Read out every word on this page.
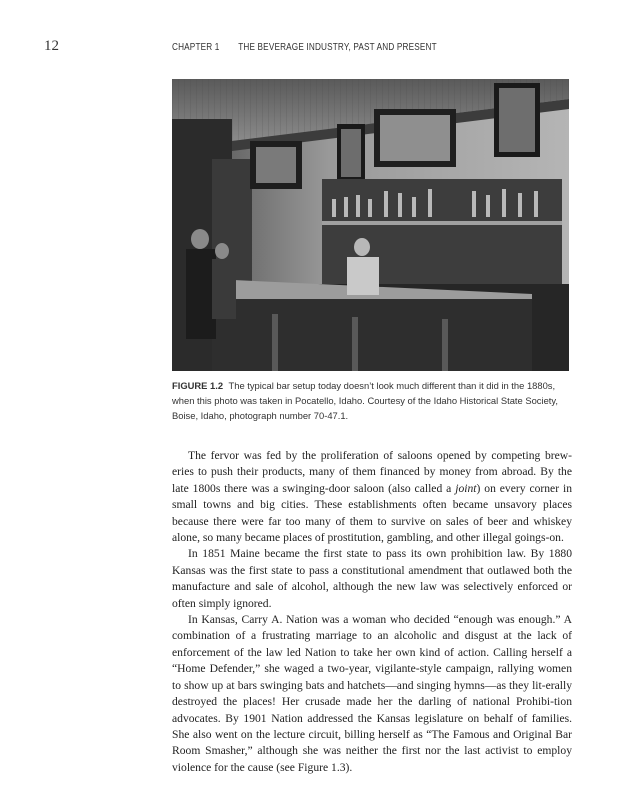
12	CHAPTER 1 THE BEVERAGE INDUSTRY, PAST AND PRESENT
FIGURE 1.2 The typical bar setup today doesn’t look much different than it did in the 1880s, when this photo was taken in Pocatello, Idaho. Courtesy of the Idaho Historical State Society, Boise, Idaho, photograph number 70-47.1.

The fervor was fed by the proliferation of saloons opened by competing brew-eries to push their products, many of them financed by money from abroad. By the late 1800s there was a swinging-door saloon (also called a joint) on every corner in small towns and big cities. These establishments often became unsavory places because there were far too many of them to survive on sales of beer and whiskey alone, so many became places of prostitution, gambling, and other illegal goings-on.

In 1851 Maine became the first state to pass its own prohibition law. By 1880 Kansas was the first state to pass a constitutional amendment that outlawed both the manufacture and sale of alcohol, although the new law was selectively enforced or often simply ignored.

In Kansas, Carry A. Nation was a woman who decided “enough was enough.” A combination of a frustrating marriage to an alcoholic and disgust at the lack of enforcement of the law led Nation to take her own kind of action. Calling herself a “Home Defender,” she waged a two-year, vigilante-style campaign, rallying women to show up at bars swinging bats and hatchets—and singing hymns—as they lit-erally destroyed the places! Her crusade made her the darling of national Prohibi-tion advocates. By 1901 Nation addressed the Kansas legislature on behalf of families. She also went on the lecture circuit, billing herself as “The Famous and Original Bar Room Smasher,” although she was neither the first nor the last activist to employ violence for the cause (see Figure 1.3).
